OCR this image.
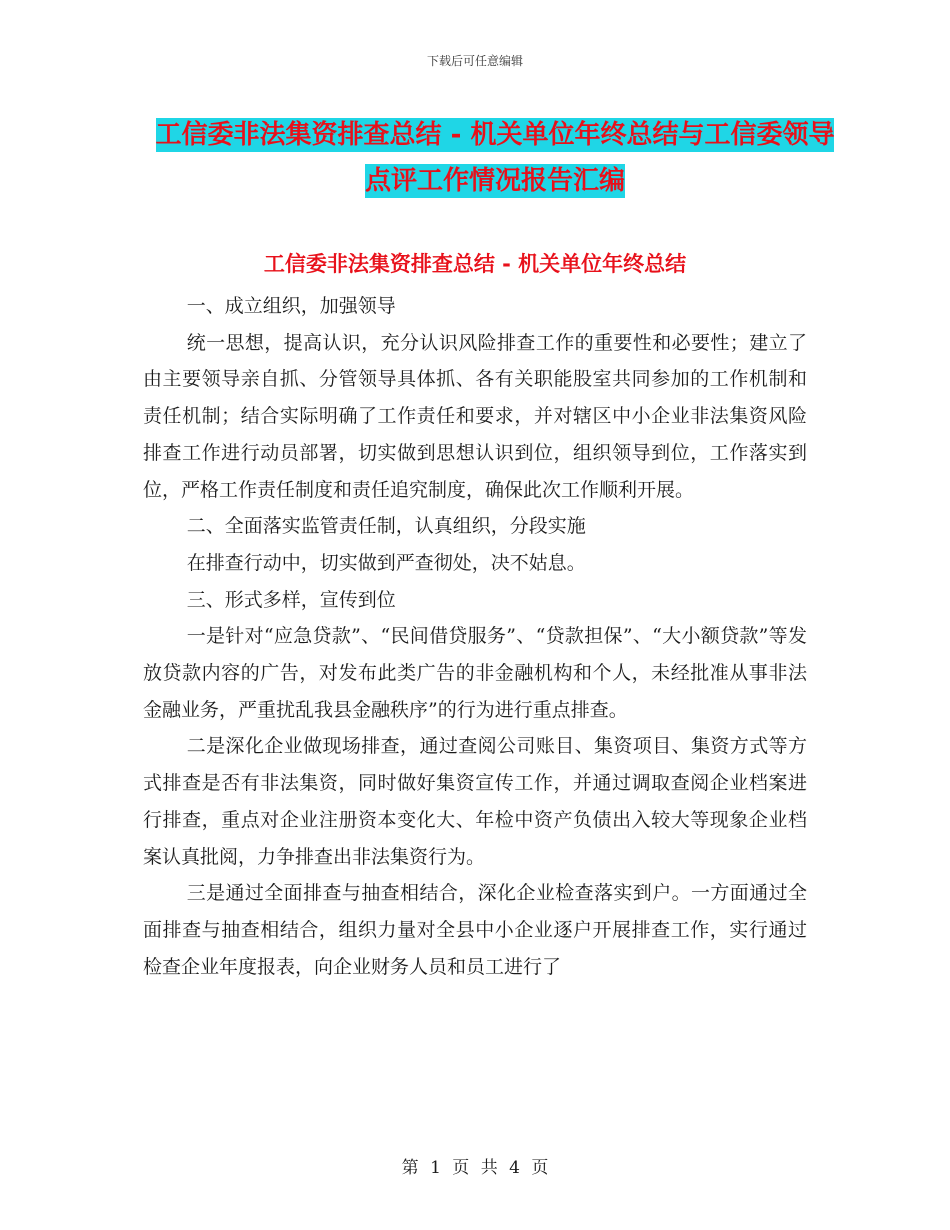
下载后可任意编辑
工信委非法集资排查总结 - 机关单位年终总结与工信委领导点评工作情况报告汇编
工信委非法集资排查总结 - 机关单位年终总结

一、成立组织，加强领导

统一思想，提高认识，充分认识风险排查工作的重要性和必要性；建立了由主要领导亲自抓、分管领导具体抓、各有关职能股室共同参加的工作机制和责任机制；结合实际明确了工作责任和要求，并对辖区中小企业非法集资风险排查工作进行动员部署，切实做到思想认识到位，组织领导到位，工作落实到位，严格工作责任制度和责任追究制度，确保此次工作顺利开展。

二、全面落实监管责任制，认真组织，分段实施

在排查行动中，切实做到严查彻处，决不姑息。

三、形式多样，宣传到位

一是针对“应急贷款”、“民间借贷服务”、“贷款担保”、“大小额贷款”等发放贷款内容的广告，对发布此类广告的非金融机构和个人，未经批准从事非法金融业务，严重扰乱我县金融秩序”的行为进行重点排查。

二是深化企业做现场排查，通过查阅公司账目、集资项目、集资方式等方式排查是否有非法集资，同时做好集资宣传工作，并通过调取查阅企业档案进行排查，重点对企业注册资本变化大、年检中资产负债出入较大等现象企业档案认真批阅，力争排查出非法集资行为。

三是通过全面排查与抽查相结合，深化企业检查落实到户。一方面通过全面排查与抽查相结合，组织力量对全县中小企业逐户开展排查工作，实行通过检查企业年度报表，向企业财务人员和员工进行了

第 1 页 共 4 页
